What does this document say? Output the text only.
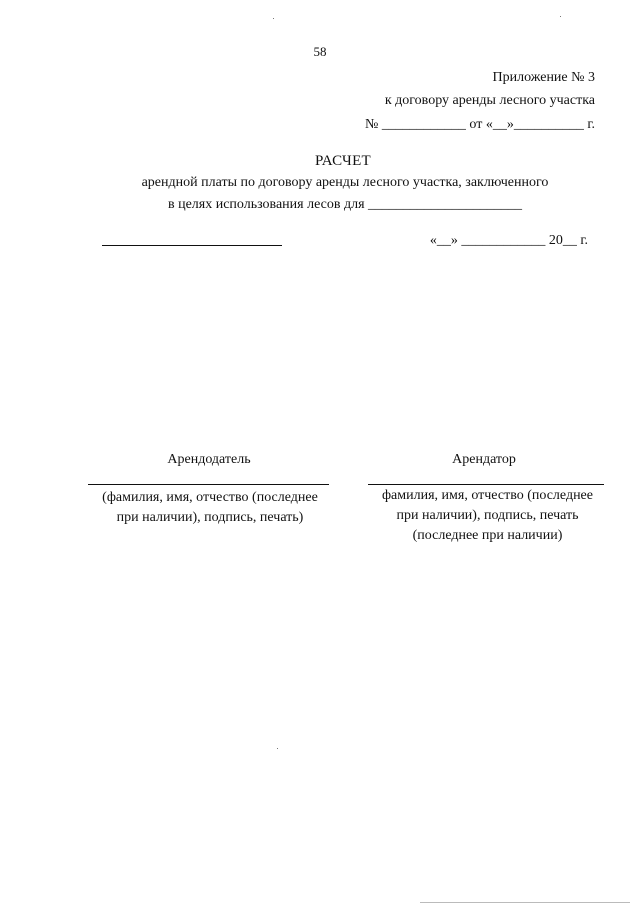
58
Приложение № 3
к договору аренды лесного участка
№ ____________ от «__»__________ г.
РАСЧЕТ
арендной платы по договору аренды лесного участка, заключенного
в целях использования лесов для ______________________
«__» ____________ 20__ г.
Арендодатель	Арендатор
(фамилия, имя, отчество (последнее при наличии), подпись, печать)
фамилия, имя, отчество (последнее при наличии), подпись, печать (последнее при наличии)
